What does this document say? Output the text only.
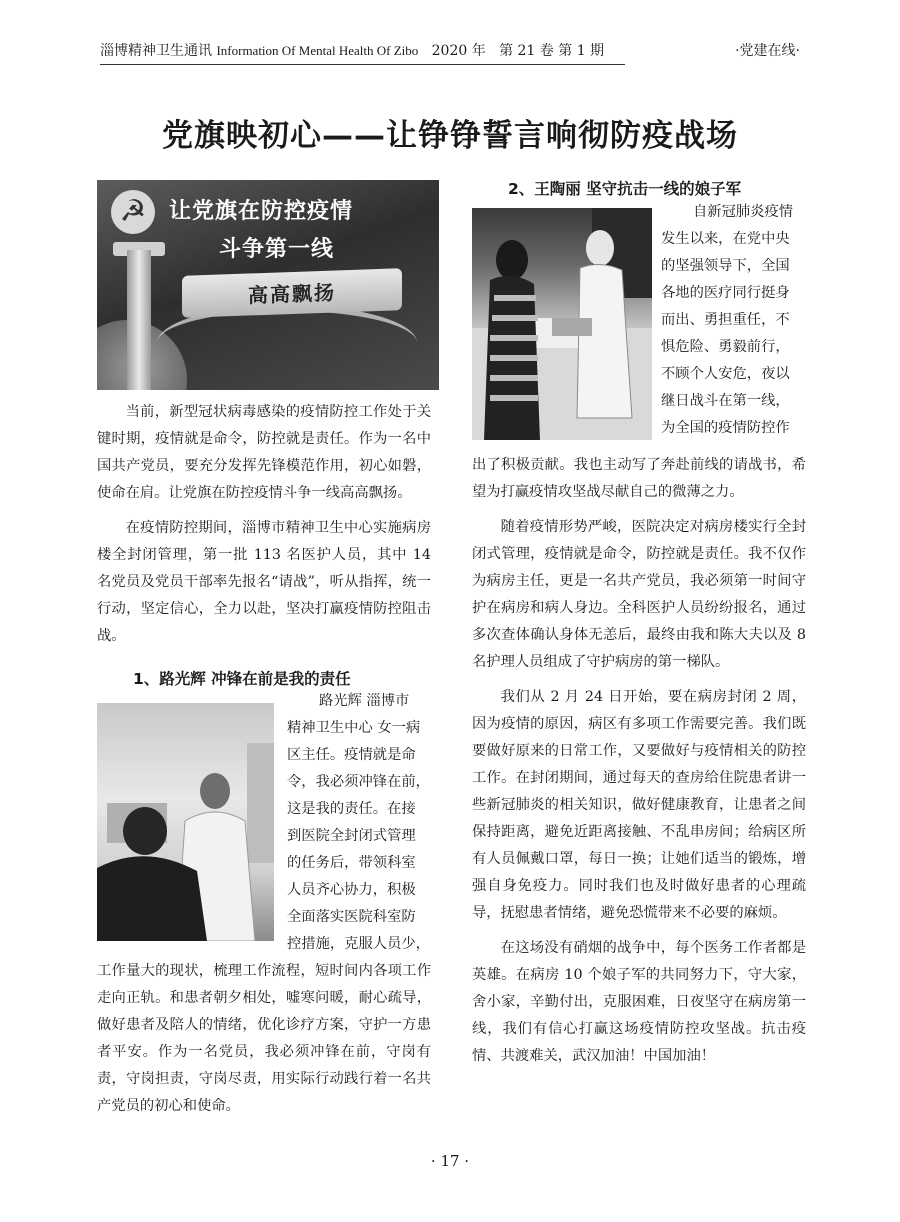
淄博精神卫生通讯 Information Of Mental Health Of Zibo 2020 年 第 21 卷 第 1 期	·党建在线·
党旗映初心——让铮铮誓言响彻防疫战场
☭	让党旗在防控疫情
斗争第一线
高高飘扬

当前，新型冠状病毒感染的疫情防控工作处于关键时期，疫情就是命令，防控就是责任。作为一名中国共产党员，要充分发挥先锋模范作用，初心如磐，使命在肩。让党旗在防控疫情斗争一线高高飘扬。

在疫情防控期间，淄博市精神卫生中心实施病房楼全封闭管理，第一批 113 名医护人员，其中 14 名党员及党员干部率先报名“请战”，听从指挥，统一行动，坚定信心，全力以赴，坚决打赢疫情防控阻击战。

1、路光辉 冲锋在前是我的责任
路光辉 淄博市
精神卫生中心 女一病
区主任。疫情就是命
令，我必须冲锋在前，
这是我的责任。在接
到医院全封闭式管理
的任务后，带领科室
人员齐心协力，积极
全面落实医院科室防
控措施，克服人员少，
工作量大的现状，梳理工作流程，短时间内各项工作走向正轨。和患者朝夕相处，嘘寒问暖，耐心疏导，做好患者及陪人的情绪，优化诊疗方案，守护一方患者平安。作为一名党员，我必须冲锋在前，守岗有责，守岗担责，守岗尽责，用实际行动践行着一名共产党员的初心和使命。
2、王陶丽 坚守抗击一线的娘子军
自新冠肺炎疫情
发生以来，在党中央
的坚强领导下，全国
各地的医疗同行挺身
而出、勇担重任，不
惧危险、勇毅前行，
不顾个人安危，夜以
继日战斗在第一线，
为全国的疫情防控作
出了积极贡献。我也主动写了奔赴前线的请战书，希望为打赢疫情攻坚战尽献自己的微薄之力。

随着疫情形势严峻，医院决定对病房楼实行全封闭式管理，疫情就是命令，防控就是责任。我不仅作为病房主任，更是一名共产党员，我必须第一时间守护在病房和病人身边。全科医护人员纷纷报名，通过多次查体确认身体无恙后，最终由我和陈大夫以及 8 名护理人员组成了守护病房的第一梯队。

我们从 2 月 24 日开始，要在病房封闭 2 周，因为疫情的原因，病区有多项工作需要完善。我们既要做好原来的日常工作，又要做好与疫情相关的防控工作。在封闭期间，通过每天的查房给住院患者讲一些新冠肺炎的相关知识，做好健康教育，让患者之间保持距离，避免近距离接触、不乱串房间；给病区所有人员佩戴口罩，每日一换；让她们适当的锻炼，增强自身免疫力。同时我们也及时做好患者的心理疏导，抚慰患者情绪，避免恐慌带来不必要的麻烦。

在这场没有硝烟的战争中，每个医务工作者都是英雄。在病房 10 个娘子军的共同努力下，守大家，舍小家，辛勤付出，克服困难，日夜坚守在病房第一线，我们有信心打赢这场疫情防控攻坚战。抗击疫情、共渡难关，武汉加油！中国加油！

· 17 ·
